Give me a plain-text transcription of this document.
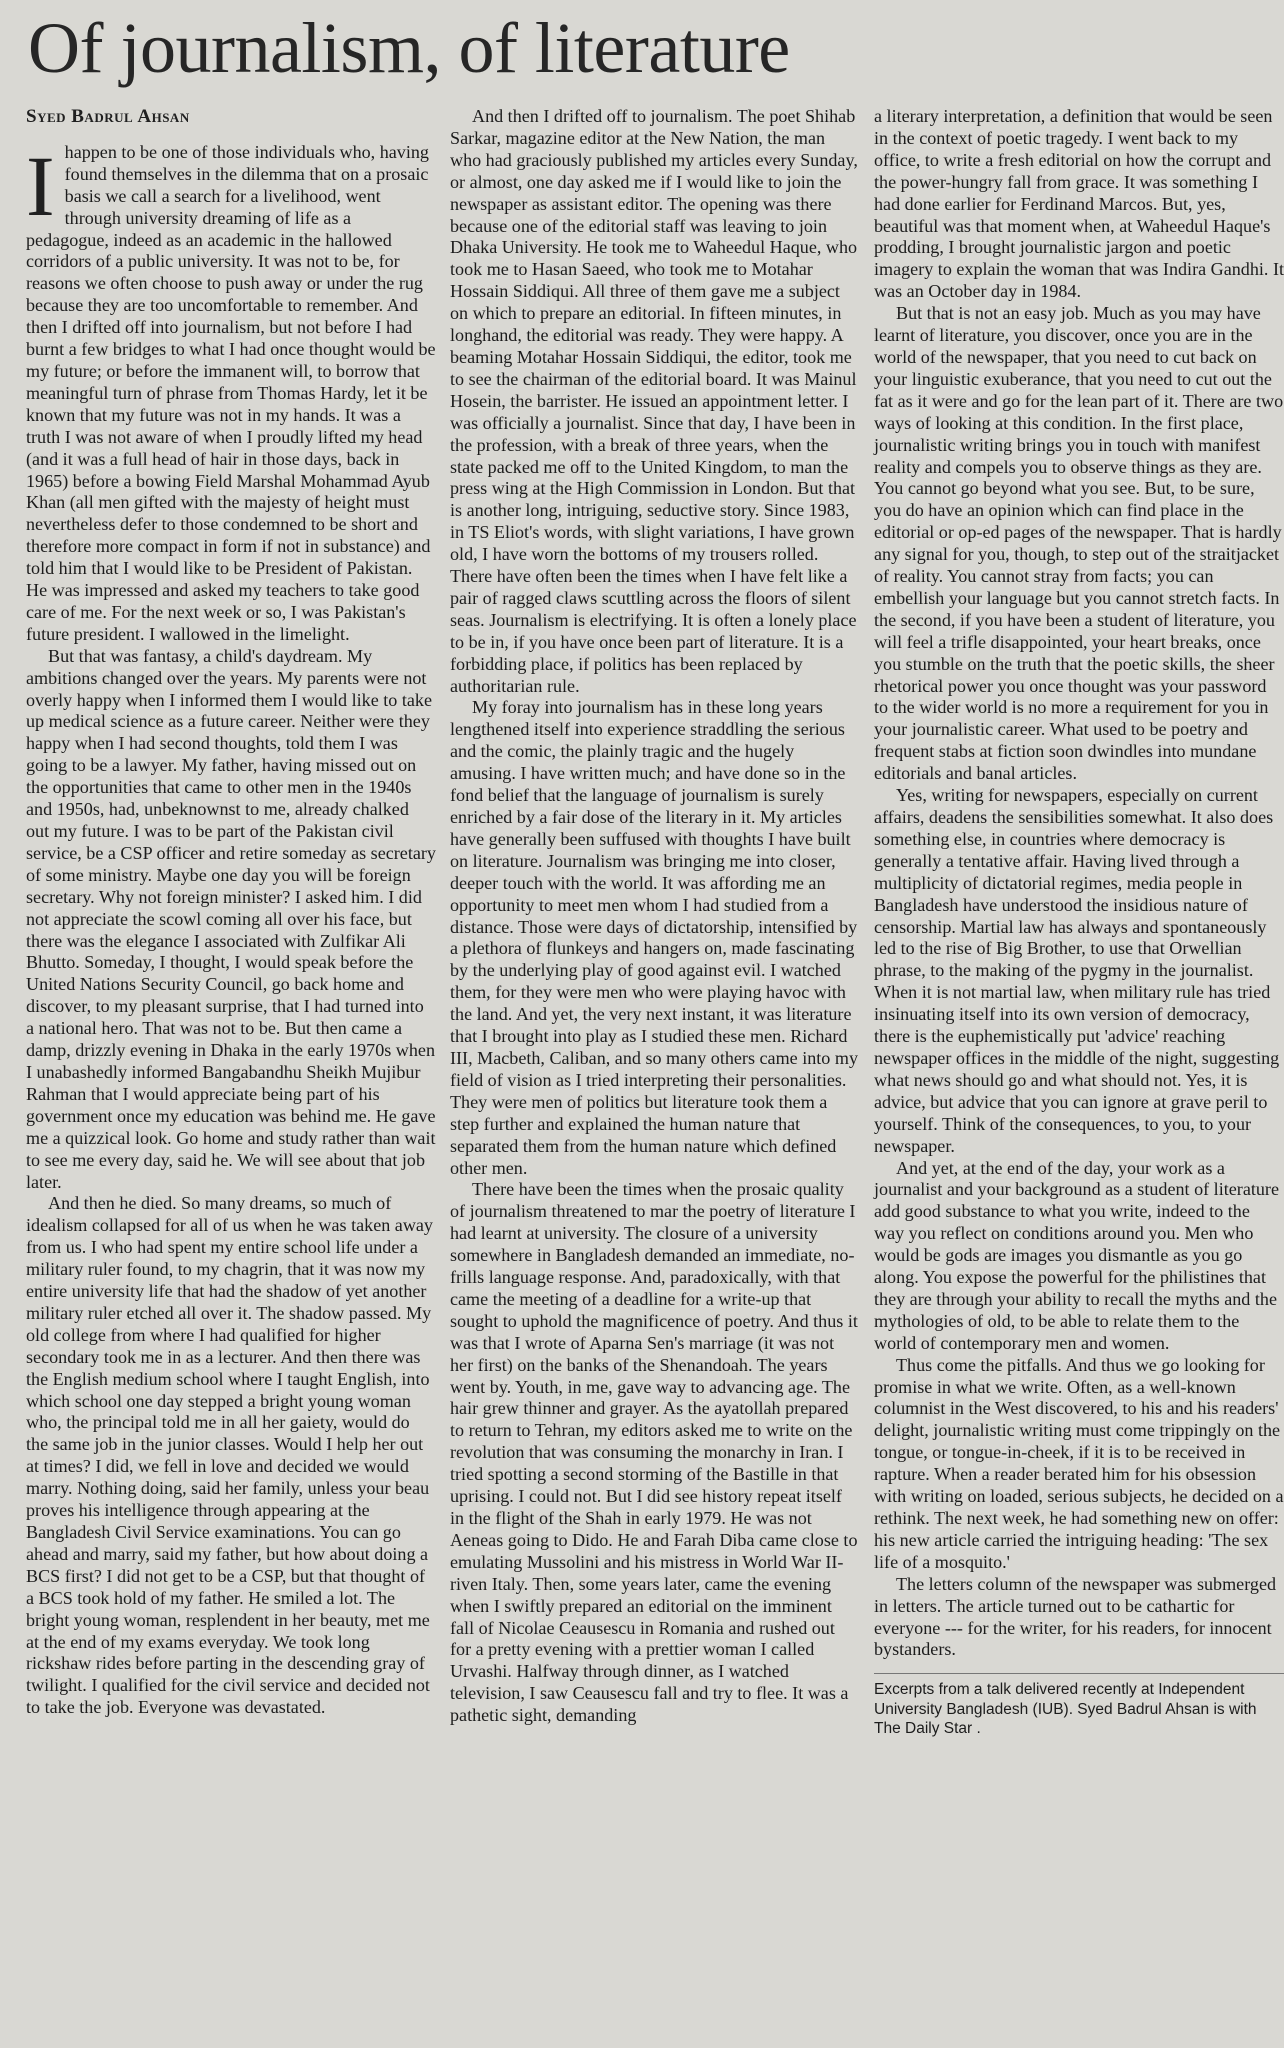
Of journalism, of literature
Syed Badrul Ahsan

I happen to be one of those individuals who, having found themselves in the dilemma that on a prosaic basis we call a search for a livelihood, went through university dreaming of life as a pedagogue, indeed as an academic in the hallowed corridors of a public university. It was not to be, for reasons we often choose to push away or under the rug because they are too uncomfortable to remember. And then I drifted off into journalism, but not before I had burnt a few bridges to what I had once thought would be my future; or before the immanent will, to borrow that meaningful turn of phrase from Thomas Hardy, let it be known that my future was not in my hands. It was a truth I was not aware of when I proudly lifted my head (and it was a full head of hair in those days, back in 1965) before a bowing Field Marshal Mohammad Ayub Khan (all men gifted with the majesty of height must nevertheless defer to those condemned to be short and therefore more compact in form if not in substance) and told him that I would like to be President of Pakistan. He was impressed and asked my teachers to take good care of me. For the next week or so, I was Pakistan's future president. I wallowed in the limelight.

But that was fantasy, a child's daydream. My ambitions changed over the years. My parents were not overly happy when I informed them I would like to take up medical science as a future career. Neither were they happy when I had second thoughts, told them I was going to be a lawyer. My father, having missed out on the opportunities that came to other men in the 1940s and 1950s, had, unbeknownst to me, already chalked out my future. I was to be part of the Pakistan civil service, be a CSP officer and retire someday as secretary of some ministry. Maybe one day you will be foreign secretary. Why not foreign minister? I asked him. I did not appreciate the scowl coming all over his face, but there was the elegance I associated with Zulfikar Ali Bhutto. Someday, I thought, I would speak before the United Nations Security Council, go back home and discover, to my pleasant surprise, that I had turned into a national hero. That was not to be. But then came a damp, drizzly evening in Dhaka in the early 1970s when I unabashedly informed Bangabandhu Sheikh Mujibur Rahman that I would appreciate being part of his government once my education was behind me. He gave me a quizzical look. Go home and study rather than wait to see me every day, said he. We will see about that job later.

And then he died. So many dreams, so much of idealism collapsed for all of us when he was taken away from us. I who had spent my entire school life under a military ruler found, to my chagrin, that it was now my entire university life that had the shadow of yet another military ruler etched all over it. The shadow passed. My old college from where I had qualified for higher secondary took me in as a lecturer. And then there was the English medium school where I taught English, into which school one day stepped a bright young woman who, the principal told me in all her gaiety, would do the same job in the junior classes. Would I help her out at times? I did, we fell in love and decided we would marry. Nothing doing, said her family, unless your beau proves his intelligence through appearing at the Bangladesh Civil Service examinations. You can go ahead and marry, said my father, but how about doing a BCS first? I did not get to be a CSP, but that thought of a BCS took hold of my father. He smiled a lot. The bright young woman, resplendent in her beauty, met me at the end of my exams everyday. We took long rickshaw rides before parting in the descending gray of twilight. I qualified for the civil service and decided not to take the job. Everyone was devastated.

And then I drifted off to journalism. The poet Shihab Sarkar, magazine editor at the New Nation, the man who had graciously published my articles every Sunday, or almost, one day asked me if I would like to join the newspaper as assistant editor. The opening was there because one of the editorial staff was leaving to join Dhaka University. He took me to Waheedul Haque, who took me to Hasan Saeed, who took me to Motahar Hossain Siddiqui. All three of them gave me a subject on which to prepare an editorial. In fifteen minutes, in longhand, the editorial was ready. They were happy. A beaming Motahar Hossain Siddiqui, the editor, took me to see the chairman of the editorial board. It was Mainul Hosein, the barrister. He issued an appointment letter. I was officially a journalist. Since that day, I have been in the profession, with a break of three years, when the state packed me off to the United Kingdom, to man the press wing at the High Commission in London. But that is another long, intriguing, seductive story. Since 1983, in TS Eliot's words, with slight variations, I have grown old, I have worn the bottoms of my trousers rolled. There have often been the times when I have felt like a pair of ragged claws scuttling across the floors of silent seas. Journalism is electrifying. It is often a lonely place to be in, if you have once been part of literature. It is a forbidding place, if politics has been replaced by authoritarian rule.

My foray into journalism has in these long years lengthened itself into experience straddling the serious and the comic, the plainly tragic and the hugely amusing. I have written much; and have done so in the fond belief that the language of journalism is surely enriched by a fair dose of the literary in it. My articles have generally been suffused with thoughts I have built on literature. Journalism was bringing me into closer, deeper touch with the world. It was affording me an opportunity to meet men whom I had studied from a distance. Those were days of dictatorship, intensified by a plethora of flunkeys and hangers on, made fascinating by the underlying play of good against evil. I watched them, for they were men who were playing havoc with the land. And yet, the very next instant, it was literature that I brought into play as I studied these men. Richard III, Macbeth, Caliban, and so many others came into my field of vision as I tried interpreting their personalities. They were men of politics but literature took them a step further and explained the human nature that separated them from the human nature which defined other men.

There have been the times when the prosaic quality of journalism threatened to mar the poetry of literature I had learnt at university. The closure of a university somewhere in Bangladesh demanded an immediate, no-frills language response. And, paradoxically, with that came the meeting of a deadline for a write-up that sought to uphold the magnificence of poetry. And thus it was that I wrote of Aparna Sen's marriage (it was not her first) on the banks of the Shenandoah. The years went by. Youth, in me, gave way to advancing age. The hair grew thinner and grayer. As the ayatollah prepared to return to Tehran, my editors asked me to write on the revolution that was consuming the monarchy in Iran. I tried spotting a second storming of the Bastille in that uprising. I could not. But I did see history repeat itself in the flight of the Shah in early 1979. He was not Aeneas going to Dido. He and Farah Diba came close to emulating Mussolini and his mistress in World War II-riven Italy. Then, some years later, came the evening when I swiftly prepared an editorial on the imminent fall of Nicolae Ceausescu in Romania and rushed out for a pretty evening with a prettier woman I called Urvashi. Halfway through dinner, as I watched television, I saw Ceausescu fall and try to flee. It was a pathetic sight, demanding

a literary interpretation, a definition that would be seen in the context of poetic tragedy. I went back to my office, to write a fresh editorial on how the corrupt and the power-hungry fall from grace. It was something I had done earlier for Ferdinand Marcos. But, yes, beautiful was that moment when, at Waheedul Haque's prodding, I brought journalistic jargon and poetic imagery to explain the woman that was Indira Gandhi. It was an October day in 1984.

But that is not an easy job. Much as you may have learnt of literature, you discover, once you are in the world of the newspaper, that you need to cut back on your linguistic exuberance, that you need to cut out the fat as it were and go for the lean part of it. There are two ways of looking at this condition. In the first place, journalistic writing brings you in touch with manifest reality and compels you to observe things as they are. You cannot go beyond what you see. But, to be sure, you do have an opinion which can find place in the editorial or op-ed pages of the newspaper. That is hardly any signal for you, though, to step out of the straitjacket of reality. You cannot stray from facts; you can embellish your language but you cannot stretch facts. In the second, if you have been a student of literature, you will feel a trifle disappointed, your heart breaks, once you stumble on the truth that the poetic skills, the sheer rhetorical power you once thought was your password to the wider world is no more a requirement for you in your journalistic career. What used to be poetry and frequent stabs at fiction soon dwindles into mundane editorials and banal articles.

Yes, writing for newspapers, especially on current affairs, deadens the sensibilities somewhat. It also does something else, in countries where democracy is generally a tentative affair. Having lived through a multiplicity of dictatorial regimes, media people in Bangladesh have understood the insidious nature of censorship. Martial law has always and spontaneously led to the rise of Big Brother, to use that Orwellian phrase, to the making of the pygmy in the journalist. When it is not martial law, when military rule has tried insinuating itself into its own version of democracy, there is the euphemistically put 'advice' reaching newspaper offices in the middle of the night, suggesting what news should go and what should not. Yes, it is advice, but advice that you can ignore at grave peril to yourself. Think of the consequences, to you, to your newspaper.

And yet, at the end of the day, your work as a journalist and your background as a student of literature add good substance to what you write, indeed to the way you reflect on conditions around you. Men who would be gods are images you dismantle as you go along. You expose the powerful for the philistines that they are through your ability to recall the myths and the mythologies of old, to be able to relate them to the world of contemporary men and women.

Thus come the pitfalls. And thus we go looking for promise in what we write. Often, as a well-known columnist in the West discovered, to his and his readers' delight, journalistic writing must come trippingly on the tongue, or tongue-in-cheek, if it is to be received in rapture. When a reader berated him for his obsession with writing on loaded, serious subjects, he decided on a rethink. The next week, he had something new on offer: his new article carried the intriguing heading: 'The sex life of a mosquito.'

The letters column of the newspaper was submerged in letters. The article turned out to be cathartic for everyone --- for the writer, for his readers, for innocent bystanders.

Excerpts from a talk delivered recently at Independent University Bangladesh (IUB). Syed Badrul Ahsan is with The Daily Star .
